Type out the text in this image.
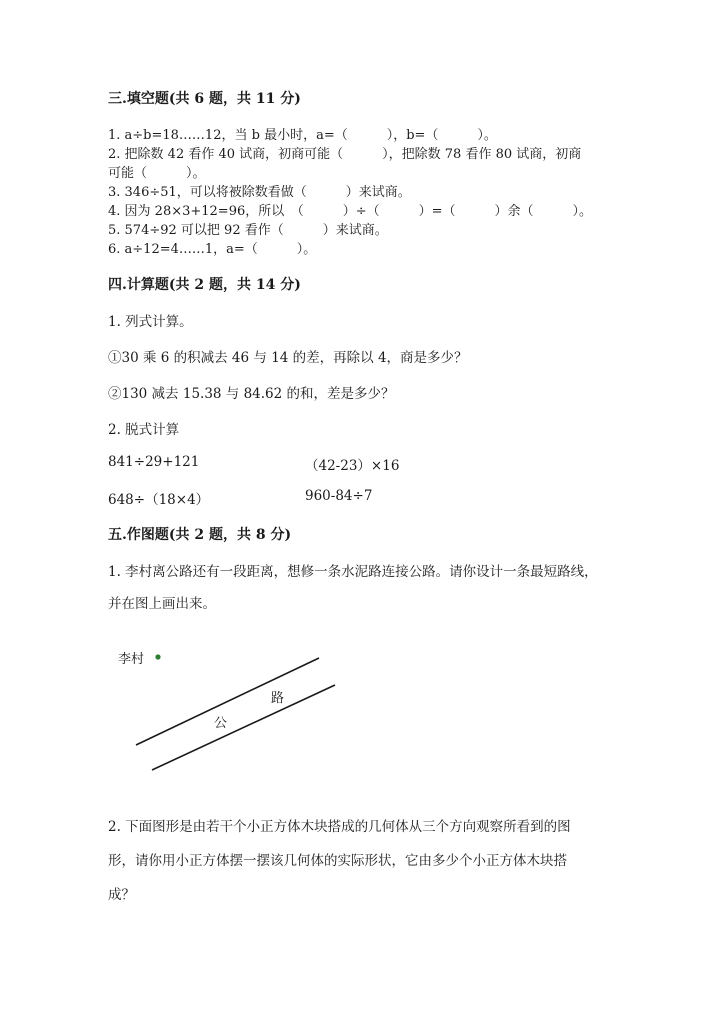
三.填空题(共 6 题，共 11 分)
1. a÷b=18……12，当 b 最小时，a=（　　　），b=（　　　）。
2. 把除数 42 看作 40 试商，初商可能（　　　），把除数 78 看作 80 试商，初商
可能（　　　）。
3. 346÷51，可以将被除数看做（　　　）来试商。
4. 因为 28×3+12=96，所以　（　　　）÷（　　　）=（　　　）余（　　　）。
5. 574÷92 可以把 92 看作（　　　）来试商。
6. a÷12=4……1，a=（　　　）。
四.计算题(共 2 题，共 14 分)
1. 列式计算。
①30 乘 6 的积减去 46 与 14 的差，再除以 4，商是多少？
②130 减去 15.38 与 84.62 的和，差是多少？
2. 脱式计算
841÷29+121	（42-23）×16
648÷（18×4）	960-84÷7
五.作图题(共 2 题，共 8 分)
1. 李村离公路还有一段距离，想修一条水泥路连接公路。请你设计一条最短路线，
并在图上画出来。
李村
公
路
2. 下面图形是由若干个小正方体木块搭成的几何体从三个方向观察所看到的图
形，请你用小正方体摆一摆该几何体的实际形状，它由多少个小正方体木块搭
成？
